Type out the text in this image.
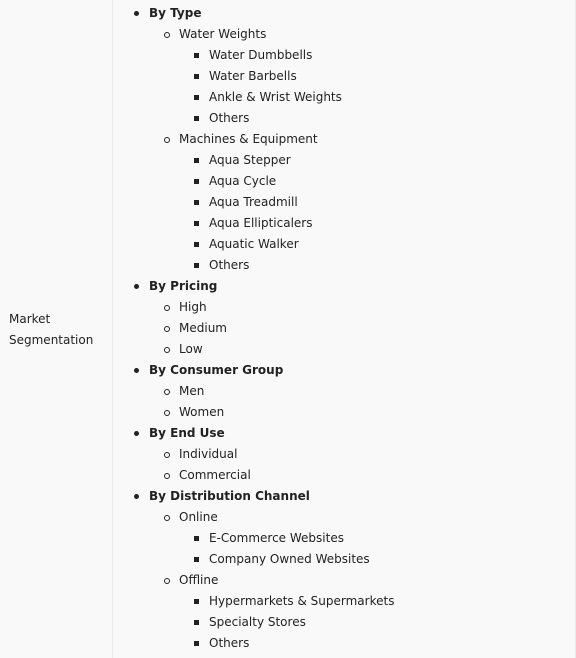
Market
Segmentation
By Type
Water Weights
Water Dumbbells
Water Barbells
Ankle & Wrist Weights
Others
Machines & Equipment
Aqua Stepper
Aqua Cycle
Aqua Treadmill
Aqua Ellipticalers
Aquatic Walker
Others
By Pricing
High
Medium
Low
By Consumer Group
Men
Women
By End Use
Individual
Commercial
By Distribution Channel
Online
E-Commerce Websites
Company Owned Websites
Offline
Hypermarkets & Supermarkets
Specialty Stores
Others
